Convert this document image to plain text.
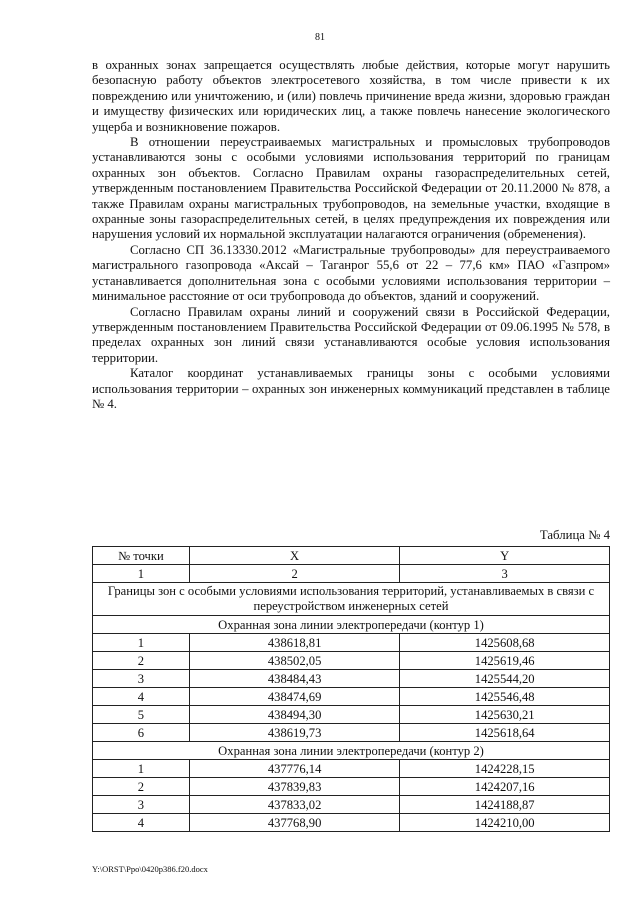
81

в охранных зонах запрещается осуществлять любые действия, которые могут нарушить безопасную работу объектов электросетевого хозяйства, в том числе привести к их повреждению или уничтожению, и (или) повлечь причинение вреда жизни, здоровью граждан и имуществу физических или юридических лиц, а также повлечь нанесение экологического ущерба и возникновение пожаров.

В отношении переустраиваемых магистральных и промысловых трубопроводов устанавливаются зоны с особыми условиями использования территорий по границам охранных зон объектов. Согласно Правилам охраны газораспределительных сетей, утвержденным постановлением Правительства Российской Федерации от 20.11.2000 № 878, а также Правилам охраны магистральных трубопроводов, на земельные участки, входящие в охранные зоны газораспределительных сетей, в целях предупреждения их повреждения или нарушения условий их нормальной эксплуатации налагаются ограничения (обременения).

Согласно СП 36.13330.2012 «Магистральные трубопроводы» для переустраиваемого магистрального газопровода «Аксай – Таганрог 55,6 от 22 – 77,6 км» ПАО «Газпром» устанавливается дополнительная зона с особыми условиями использования территории – минимальное расстояние от оси трубопровода до объектов, зданий и сооружений.

Согласно Правилам охраны линий и сооружений связи в Российской Федерации, утвержденным постановлением Правительства Российской Федерации от 09.06.1995 № 578, в пределах охранных зон линий связи устанавливаются особые условия использования территории.

Каталог координат устанавливаемых границы зоны с особыми условиями использования территории – охранных зон инженерных коммуникаций представлен в таблице № 4.

Таблица № 4
№ точки	X	Y
1	2	3
Границы зон с особыми условиями использования территорий, устанавливаемых в связи с переустройством инженерных сетей		
Охранная зона линии электропередачи (контур 1)		
1	438618,81	1425608,68
2	438502,05	1425619,46
3	438484,43	1425544,20
4	438474,69	1425546,48
5	438494,30	1425630,21
6	438619,73	1425618,64
Охранная зона линии электропередачи (контур 2)		
1	437776,14	1424228,15
2	437839,83	1424207,16
3	437833,02	1424188,87
4	437768,90	1424210,00
Y:\ORST\Ppo\0420p386.f20.docx
